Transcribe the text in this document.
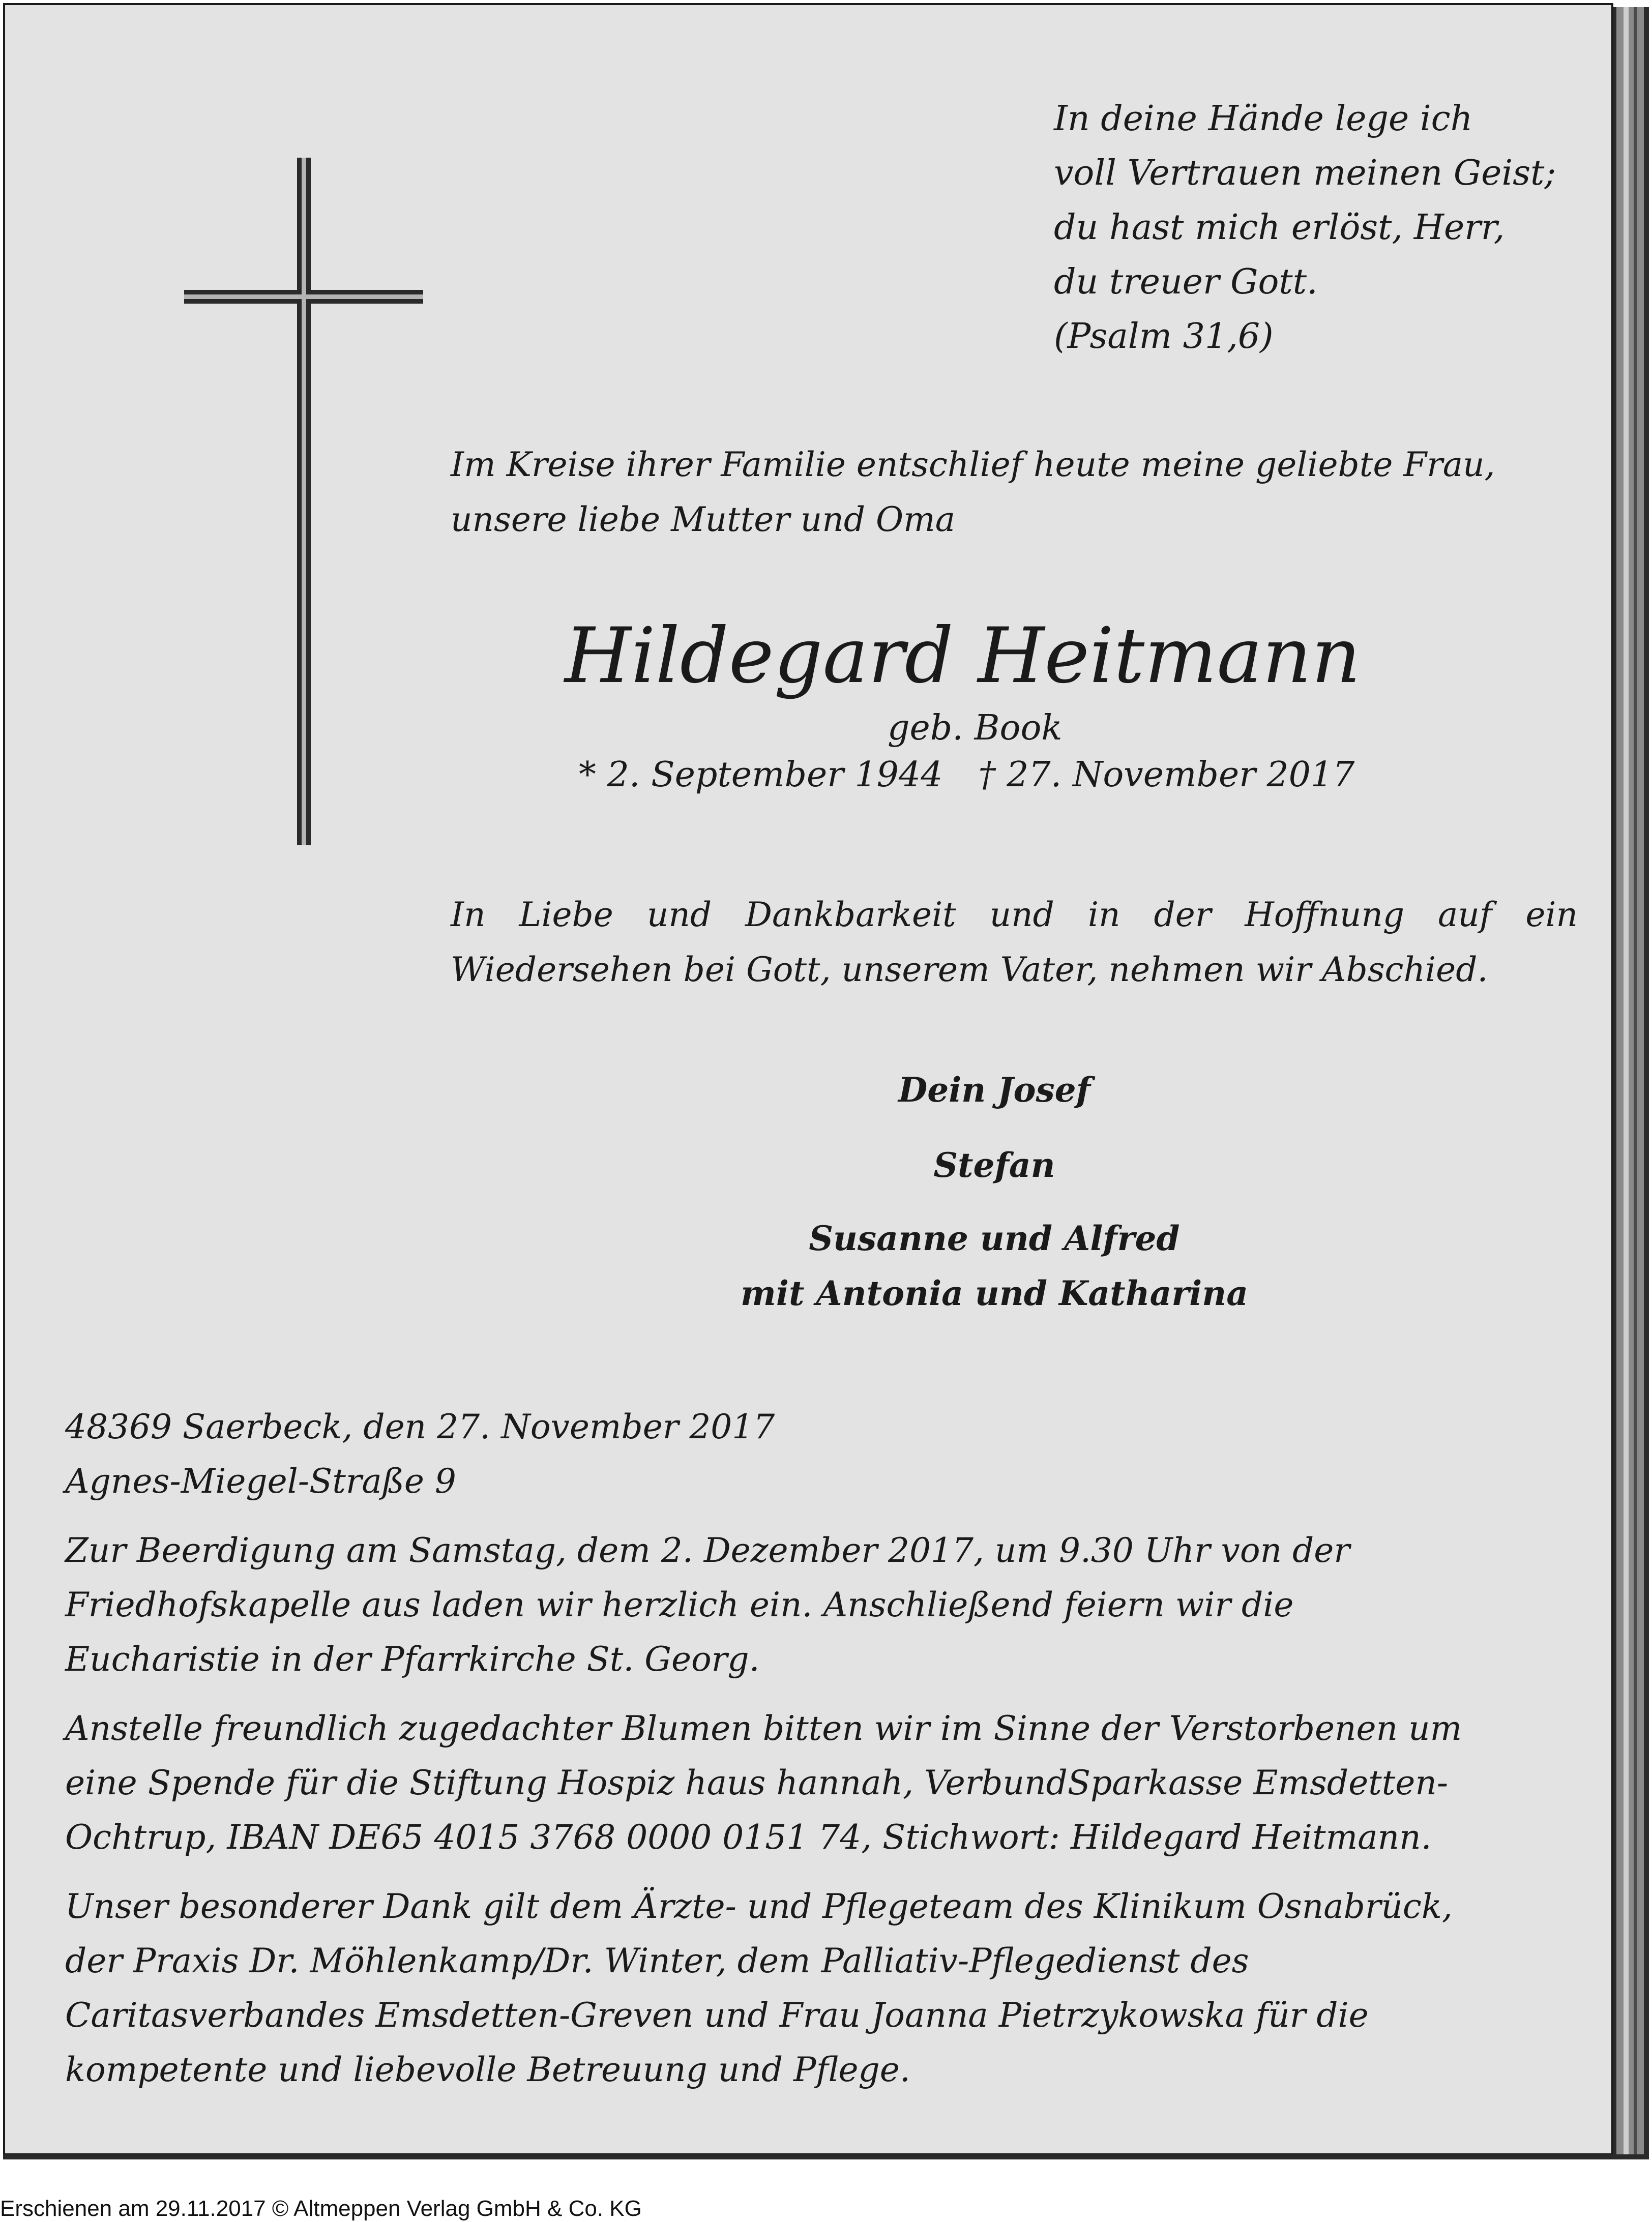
In deine Hände lege ich
voll Vertrauen meinen Geist;
du hast mich erlöst, Herr,
du treuer Gott.
(Psalm 31,6)
Im Kreise ihrer Familie entschlief heute meine geliebte Frau,
unsere liebe Mutter und Oma
Hildegard Heitmann
geb. Book
* 2. September 1944 † 27. November 2017
In Liebe und Dankbarkeit und in der Hoffnung auf ein
Wiedersehen bei Gott, unserem Vater, nehmen wir Abschied.
Dein Josef
Stefan
Susanne und Alfred
mit Antonia und Katharina
48369 Saerbeck, den 27. November 2017
Agnes-Miegel-Straße 9
Zur Beerdigung am Samstag, dem 2. Dezember 2017, um 9.30 Uhr von der
Friedhofskapelle aus laden wir herzlich ein. Anschließend feiern wir die
Eucharistie in der Pfarrkirche St. Georg.
Anstelle freundlich zugedachter Blumen bitten wir im Sinne der Verstorbenen um
eine Spende für die Stiftung Hospiz haus hannah, VerbundSparkasse Emsdetten-
Ochtrup, IBAN DE65 4015 3768 0000 0151 74, Stichwort: Hildegard Heitmann.
Unser besonderer Dank gilt dem Ärzte- und Pflegeteam des Klinikum Osnabrück,
der Praxis Dr. Möhlenkamp/Dr. Winter, dem Palliativ-Pflegedienst des
Caritasverbandes Emsdetten-Greven und Frau Joanna Pietrzykowska für die
kompetente und liebevolle Betreuung und Pflege.
Erschienen am 29.11.2017 © Altmeppen Verlag GmbH & Co. KG
